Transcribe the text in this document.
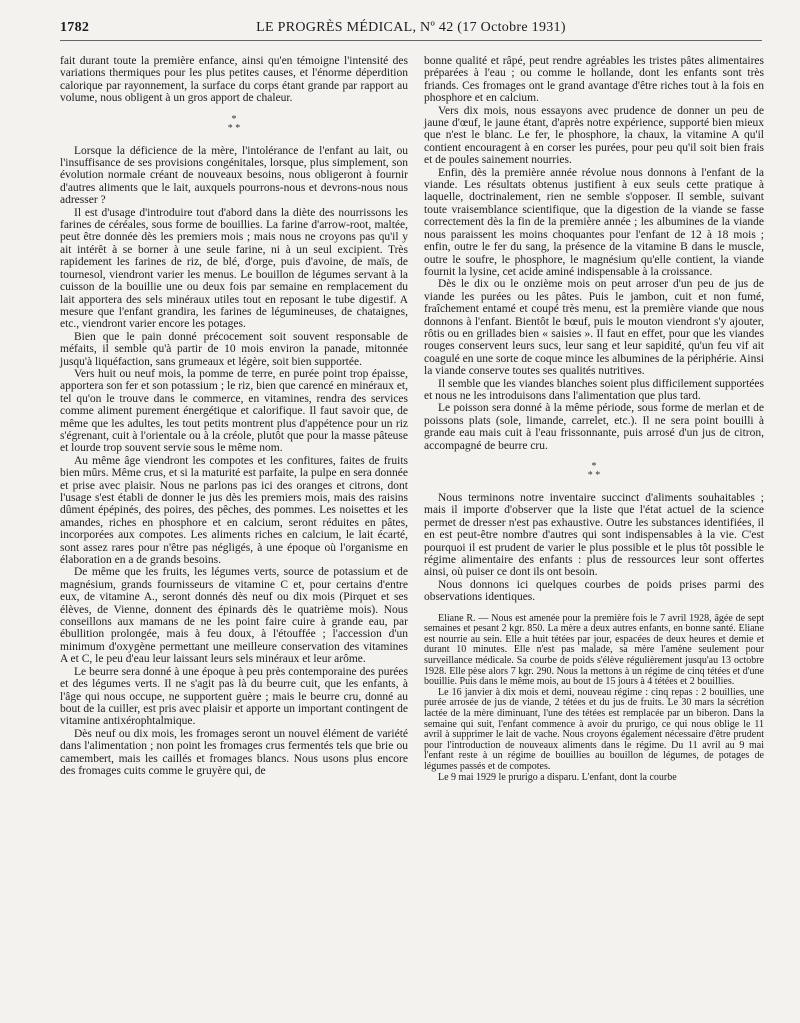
1782	LE PROGRÈS MÉDICAL, Nº 42 (17 Octobre 1931)

fait durant toute la première enfance, ainsi qu'en témoigne l'intensité des variations thermiques pour les plus petites causes, et l'énorme déperdition calorique par rayonnement, la surface du corps étant grande par rapport au volume, nous obligent à un gros apport de chaleur.

*
* *

Lorsque la déficience de la mère, l'intolérance de l'enfant au lait, ou l'insuffisance de ses provisions congénitales, lorsque, plus simplement, son évolution normale créant de nouveaux besoins, nous obligeront à fournir d'autres aliments que le lait, auxquels pourrons-nous et devrons-nous nous adresser ?

Il est d'usage d'introduire tout d'abord dans la diète des nourrissons les farines de céréales, sous forme de bouillies. La farine d'arrow-root, maltée, peut être donnée dès les premiers mois ; mais nous ne croyons pas qu'il y ait intérêt à se borner à une seule farine, ni à un seul excipient. Très rapidement les farines de riz, de blé, d'orge, puis d'avoine, de maïs, de tournesol, viendront varier les menus. Le bouillon de légumes servant à la cuisson de la bouillie une ou deux fois par semaine en remplacement du lait apportera des sels minéraux utiles tout en reposant le tube digestif. A mesure que l'enfant grandira, les farines de légumineuses, de chataignes, etc., viendront varier encore les potages.

Bien que le pain donné précocement soit souvent responsable de méfaits, il semble qu'à partir de 10 mois environ la panade, mitonnée jusqu'à liquéfaction, sans grumeaux et légère, soit bien supportée.

Vers huit ou neuf mois, la pomme de terre, en purée point trop épaisse, apportera son fer et son potassium ; le riz, bien que carencé en minéraux et, tel qu'on le trouve dans le commerce, en vitamines, rendra des services comme aliment purement énergétique et calorifique. Il faut savoir que, de même que les adultes, les tout petits montrent plus d'appétence pour un riz s'égrenant, cuit à l'orientale ou à la créole, plutôt que pour la masse pâteuse et lourde trop souvent servie sous le même nom.

Au même âge viendront les compotes et les confitures, faites de fruits bien mûrs. Même crus, et si la maturité est parfaite, la pulpe en sera donnée et prise avec plaisir. Nous ne parlons pas ici des oranges et citrons, dont l'usage s'est établi de donner le jus dès les premiers mois, mais des raisins dûment épépinés, des poires, des pêches, des pommes. Les noisettes et les amandes, riches en phosphore et en calcium, seront réduites en pâtes, incorporées aux compotes. Les aliments riches en calcium, le lait écarté, sont assez rares pour n'être pas négligés, à une époque où l'organisme en élaboration en a de grands besoins.

De même que les fruits, les légumes verts, source de potassium et de magnésium, grands fournisseurs de vitamine C et, pour certains d'entre eux, de vitamine A., seront donnés dès neuf ou dix mois (Pirquet et ses élèves, de Vienne, donnent des épinards dès le quatrième mois). Nous conseillons aux mamans de ne les point faire cuire à grande eau, par ébullition prolongée, mais à feu doux, à l'étouffée ; l'accession d'un minimum d'oxygène permettant une meilleure conservation des vitamines A et C, le peu d'eau leur laissant leurs sels minéraux et leur arôme.

Le beurre sera donné à une époque à peu près contemporaine des purées et des légumes verts. Il ne s'agit pas là du beurre cuit, que les enfants, à l'âge qui nous occupe, ne supportent guère ; mais le beurre cru, donné au bout de la cuiller, est pris avec plaisir et apporte un important contingent de vitamine antixérophtalmique.

Dès neuf ou dix mois, les fromages seront un nouvel élément de variété dans l'alimentation ; non point les fromages crus fermentés tels que brie ou camembert, mais les caillés et fromages blancs. Nous usons plus encore des fromages cuits comme le gruyère qui, de

bonne qualité et râpé, peut rendre agréables les tristes pâtes alimentaires préparées à l'eau ; ou comme le hollande, dont les enfants sont très friands. Ces fromages ont le grand avantage d'être riches tout à la fois en phosphore et en calcium.

Vers dix mois, nous essayons avec prudence de donner un peu de jaune d'œuf, le jaune étant, d'après notre expérience, supporté bien mieux que n'est le blanc. Le fer, le phosphore, la chaux, la vitamine A qu'il contient encouragent à en corser les purées, pour peu qu'il soit bien frais et de poules sainement nourries.

Enfin, dès la première année révolue nous donnons à l'enfant de la viande. Les résultats obtenus justifient à eux seuls cette pratique à laquelle, doctrinalement, rien ne semble s'opposer. Il semble, suivant toute vraisemblance scientifique, que la digestion de la viande se fasse correctement dès la fin de la première année ; les albumines de la viande nous paraissent les moins choquantes pour l'enfant de 12 à 18 mois ; enfin, outre le fer du sang, la présence de la vitamine B dans le muscle, outre le soufre, le phosphore, le magnésium qu'elle contient, la viande fournit la lysine, cet acide aminé indispensable à la croissance.

Dès le dix ou le onzième mois on peut arroser d'un peu de jus de viande les purées ou les pâtes. Puis le jambon, cuit et non fumé, fraîchement entamé et coupé très menu, est la première viande que nous donnons à l'enfant. Bientôt le bœuf, puis le mouton viendront s'y ajouter, rôtis ou en grillades bien « saisies ». Il faut en effet, pour que les viandes rouges conservent leurs sucs, leur sang et leur sapidité, qu'un feu vif ait coagulé en une sorte de coque mince les albumines de la périphérie. Ainsi la viande conserve toutes ses qualités nutritives.

Il semble que les viandes blanches soient plus difficilement supportées et nous ne les introduisons dans l'alimentation que plus tard.

Le poisson sera donné à la même période, sous forme de merlan et de poissons plats (sole, limande, carrelet, etc.). Il ne sera point bouilli à grande eau mais cuit à l'eau frissonnante, puis arrosé d'un jus de citron, accompagné de beurre cru.

*
* *

Nous terminons notre inventaire succinct d'aliments souhaitables ; mais il importe d'observer que la liste que l'état actuel de la science permet de dresser n'est pas exhaustive. Outre les substances identifiées, il en est peut-être nombre d'autres qui sont indispensables à la vie. C'est pourquoi il est prudent de varier le plus possible et le plus tôt possible le régime alimentaire des enfants : plus de ressources leur sont offertes ainsi, où puiser ce dont ils ont besoin.

Nous donnons ici quelques courbes de poids prises parmi des observations identiques.

Eliane R. — Nous est amenée pour la première fois le 7 avril 1928, âgée de sept semaines et pesant 2 kgr. 850. La mère a deux autres enfants, en bonne santé. Eliane est nourrie au sein. Elle a huit tétées par jour, espacées de deux heures et demie et durant 10 minutes. Elle n'est pas malade, sa mère l'amène seulement pour surveillance médicale. Sa courbe de poids s'élève régulièrement jusqu'au 13 octobre 1928. Elle pèse alors 7 kgr. 290. Nous la mettons à un régime de cinq tétées et d'une bouillie. Puis dans le même mois, au bout de 15 jours à 4 tétées et 2 bouillies.

Le 16 janvier à dix mois et demi, nouveau régime : cinq repas : 2 bouillies, une purée arrosée de jus de viande, 2 tétées et du jus de fruits. Le 30 mars la sécrétion lactée de la mère diminuant, l'une des tétées est remplacée par un biberon. Dans la semaine qui suit, l'enfant commence à avoir du prurigo, ce qui nous oblige le 11 avril à supprimer le lait de vache. Nous croyons également nécessaire d'être prudent pour l'introduction de nouveaux aliments dans le régime. Du 11 avril au 9 mai l'enfant reste à un régime de bouillies au bouillon de légumes, de potages de légumes passés et de compotes.

Le 9 mai 1929 le prurigo a disparu. L'enfant, dont la courbe
